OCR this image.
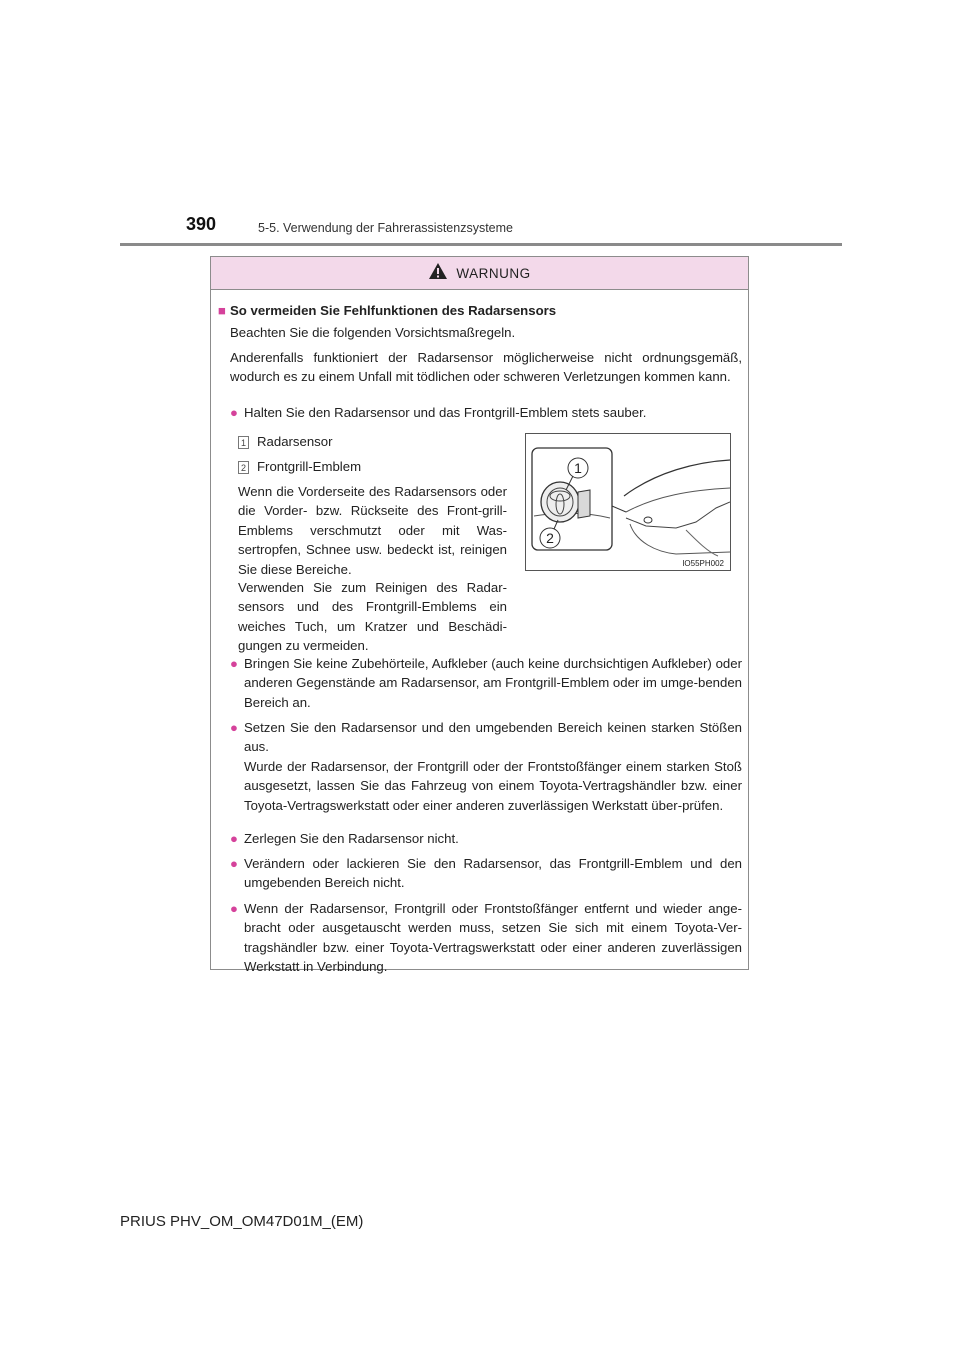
390	5-5. Verwendung der Fahrerassistenzsysteme
WARNUNG
■ So vermeiden Sie Fehlfunktionen des Radarsensors
Beachten Sie die folgenden Vorsichtsmaßregeln.
Anderenfalls funktioniert der Radarsensor möglicherweise nicht ordnungsgemäß, wodurch es zu einem Unfall mit tödlichen oder schweren Verletzungen kommen kann.
● Halten Sie den Radarsensor und das Frontgrill-Emblem stets sauber.
1 Radarsensor
2 Frontgrill-Emblem
Wenn die Vorderseite des Radarsensors oder die Vorder- bzw. Rückseite des Front-grill-Emblems verschmutzt oder mit Was-sertropfen, Schnee usw. bedeckt ist, reinigen Sie diese Bereiche.
Verwenden Sie zum Reinigen des Radar-sensors und des Frontgrill-Emblems ein weiches Tuch, um Kratzer und Beschädi-gungen zu vermeiden.
● Bringen Sie keine Zubehörteile, Aufkleber (auch keine durchsichtigen Aufkleber) oder anderen Gegenstände am Radarsensor, am Frontgrill-Emblem oder im umge-benden Bereich an.
● Setzen Sie den Radarsensor und den umgebenden Bereich keinen starken Stößen aus.
Wurde der Radarsensor, der Frontgrill oder der Frontstoßfänger einem starken Stoß ausgesetzt, lassen Sie das Fahrzeug von einem Toyota-Vertragshändler bzw. einer Toyota-Vertragswerkstatt oder einer anderen zuverlässigen Werkstatt über-prüfen.
● Zerlegen Sie den Radarsensor nicht.
● Verändern oder lackieren Sie den Radarsensor, das Frontgrill-Emblem und den umgebenden Bereich nicht.
● Wenn der Radarsensor, Frontgrill oder Frontstoßfänger entfernt und wieder ange-bracht oder ausgetauscht werden muss, setzen Sie sich mit einem Toyota-Ver-tragshändler bzw. einer Toyota-Vertragswerkstatt oder einer anderen zuverlässigen Werkstatt in Verbindung.
1
2
IO55PH002
PRIUS PHV_OM_OM47D01M_(EM)
